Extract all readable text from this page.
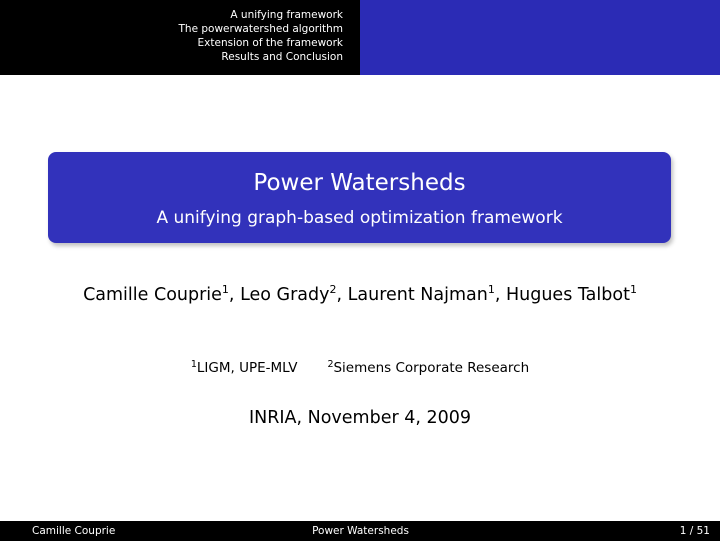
A unifying framework
The powerwatershed algorithm
Extension of the framework
Results and Conclusion
Power Watersheds
A unifying graph-based optimization framework
Camille Couprie$^1$, Leo Grady$^2$, Laurent Najman$^1$, Hugues Talbot$^1$
$^1$LIGM, UPE-MLV	$^2$Siemens Corporate Research
INRIA, November 4, 2009
Camille Couprie	Power Watersheds	1 / 51
